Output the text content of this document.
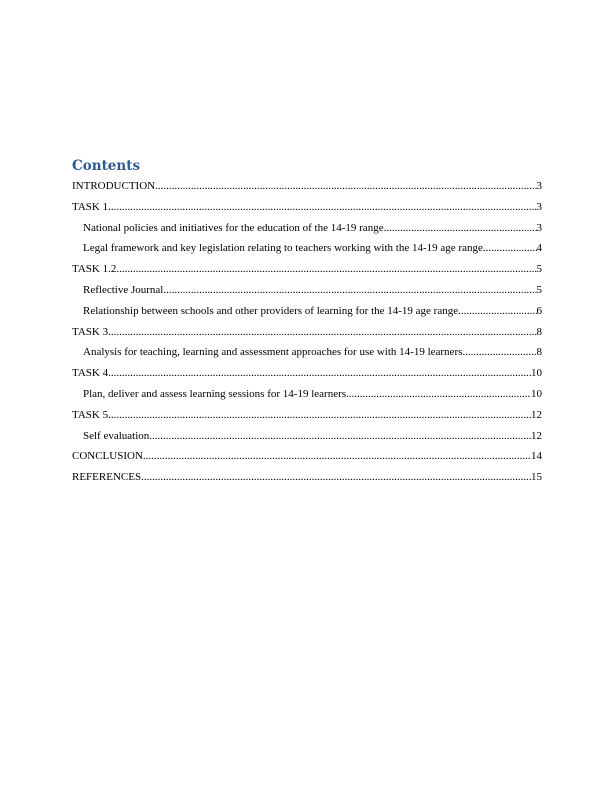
Contents
INTRODUCTION .....	3
TASK 1 .....	3
National policies and initiatives for the education of the 14-19 range .....	3
Legal framework and key legislation relating to teachers working with the 14-19 age range .....	4
TASK 1.2 .....	5
Reflective Journal .....	5
Relationship between schools and other providers of learning for the 14-19 age range .....	6
TASK 3 .....	8
Analysis for teaching, learning and assessment approaches for use with 14-19 learners .....	8
TASK 4 .....	10
Plan, deliver and assess learning sessions for 14-19 learners .....	10
TASK 5 .....	12
Self evaluation .....	12
CONCLUSION .....	14
REFERENCES .....	15
